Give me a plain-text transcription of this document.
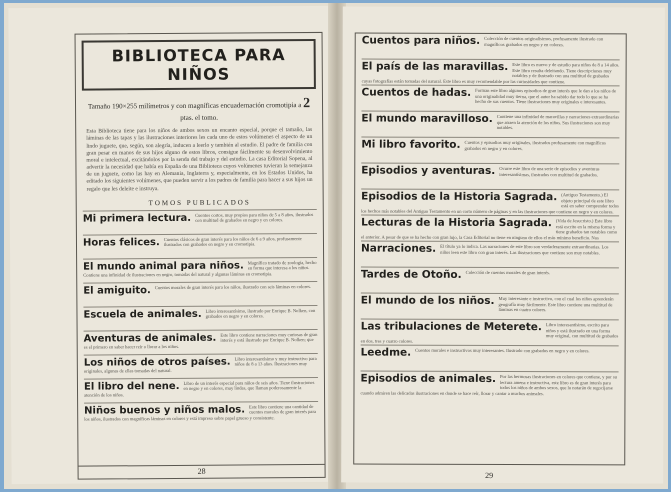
BIBLIOTECA PARA NIÑOS
Tamaño 190×255 milímetros y con magníficas encuadernación cromotipia a 2 ptas. el tomo.
Esta Biblioteca tiene para los niños de ambos sexos un encanto especial, porque el tamaño, las láminas de las tapas y las ilustraciones interiores les cada uno de estos volúmenes el aspecto de un lindo juguete, que, según, son alegría, inducen a leerlo y también al estudio. El padre de familia con gran pesar en manos de sus hijos alguno de estos libros, consigue fácilmente su desenvolvimiento moral e intelectual, excitándolos por la senda del trabajo y del estudio. La casa Editorial Sopena, al advertir la necesidad que había en España de una Biblioteca cuyos volúmenes tuvieran la semejanza de un juguete, como las hay en Alemania, Inglaterra y, especialmente, en los Estados Unidos, ha editado los siguientes volúmenes, que pueden servir a los padres de familia para hacer a sus hijos un regalo que les deleite e instruya.
TOMOS PUBLICADOS
Mi primera lectura. Cuentos cortos, muy propios para niños de 5 a 8 años, ilustrados con multitud de grabados en negro y en colores.
Horas felices. Cuentos clásicos de gran interés para los niños de 6 a 9 años, profusamente ilustrados con grabados en negro y en cromotipia.
El mundo animal para niños. Magnífico tratado de zoología, hecho en forma que interesa a los niños. Contiene una infinidad de ilustraciones en negro, tomadas del natural y algunas láminas en cromotipia.
El amiguito. Cuentos morales de gran interés para los niños, ilustrado con seis láminas en colores.
Escuela de animales. Libro interesantísimo, ilustrado por Enrique B. Nolken, con grabados en negro y en colores.
Aventuras de animales. Este libro contiene narraciones muy curiosas de gran interés y está ilustrado por Enrique B. Nolken; que es el primero en saber hacer reír o llorar a los niños.
Los niños de otros países. Libro interesantísimo y muy instructivo para niños de 8 a 13 años. Ilustraciones muy originales, algunas de ellas tomadas del natural.
El libro del nene. Libro de un interés especial para niños de seis años. Tiene ilustraciones en negro y en colores, muy lindas, que llaman poderosamente la atención de los niños.
Niños buenos y niños malos. Este libro contiene una cantidad de cuentos morales de gran interés para los niños, ilustrados con magníficas láminas en colores y está impreso sobre papel grueso y consistente.
28
Cuentos para niños. Colección de cuentos originalísimos, profusamente ilustrado con magníficos grabados en negro y en colores.
El país de las maravillas. Este libro es nuevo y de estudio para niños de 8 a 14 años. Este libro resulta deleitando. Tiene descripciones muy notables y de ilustrado con una multitud de grabados cuyas fotografías están tomadas del natural. Este libro es muy recomendable por las curiosidades que contiene.
Cuentos de hadas. Forman este libro algunos episodios de gran interés que le dan a los niños de una originalidad muy tierna, que el autor ha sabido dar todo lo que se ha hecho de sus cuentos. Tiene ilustraciones muy originales e interesantes.
El mundo maravilloso. Contiene una infinidad de maravillas y narraciones extraordinarias que atraen la atención de los niños. Sus ilustraciones son muy notables.
Mi libro favorito. Cuentos y episodios muy originales, ilustrados profusamente con magníficos grabados en negro y en colores.
Episodios y aventuras. Ocurre este libro de una serie de episodios y aventuras interesantísimas, ilustrados con multitud de grabados.
Episodios de la Historia Sagrada. (Antiguo Testamento.) El objeto principal de este libro está en saber comprender todos los hechos más notables del Antiguo Testamento en un corto número de páginas y en las ilustraciones que contiene en negro y en colores.
Lecturas de la Historia Sagrada. (Vida de Jesucristo.) Este libro está escrito en la misma forma y tiene grabados tan notables como el anterior. A pesar de que se ha hecho con gran lujo, la Casa Editorial no tiene en ninguno de ellos el más mínimo beneficio. Nos
Narraciones. El título ya lo indica. Las narraciones de este libro son verdaderamente extraordinarias. Los niños leen este libro con gran interés. Las ilustraciones que contiene son muy notables.
Tardes de Otoño. Colección de cuentos morales de gran interés.
El mundo de los niños. Muy interesante e instructivo, con el cual los niños aprenderán geografía muy fácilmente. Este libro contiene una multitud de láminas en cuatro colores.
Las tribulaciones de Meterete. Libro interesantísimo, escrito para niños y está ilustrado en una forma muy original, con multitud de grabados en dos, tres y cuatro colores.
Leedme. Cuentos morales e instructivos muy interesantes. Ilustrado con grabados en negro y en colores.
Episodios de animales. Por las hermosas ilustraciones en colores que contiene, y por su lectura amena e instructiva, este libro es de gran interés para todos los niños de ambos sexos, que lo notarán de regocijarse cuando admiren las delicadas ilustraciones en donde se hace reír, llorar y cantar a muchos animales.
29
